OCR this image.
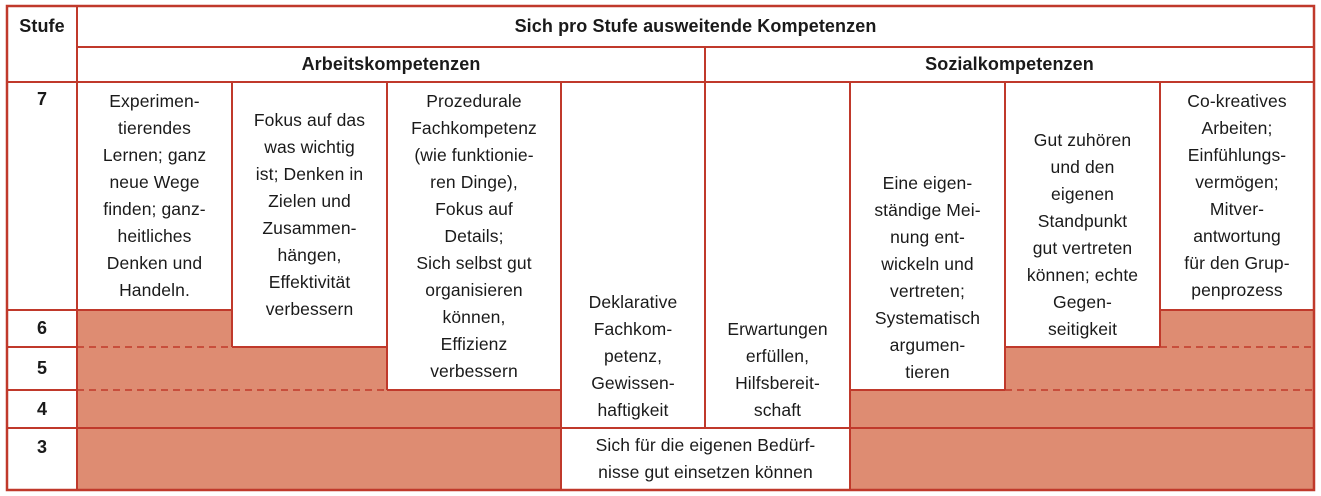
Stufe	Sich pro Stufe ausweitende Kompetenzen
Arbeitskompetenzen	Sozialkompetenzen
7
6
5
4
3
Experimen-
tierendes
Lernen; ganz
neue Wege
finden; ganz-
heitliches
Denken und
Handeln.
Fokus auf das
was wichtig
ist; Denken in
Zielen und
Zusammen-
hängen,
Effektivität
verbessern
Prozedurale
Fachkompetenz
(wie funktionie-
ren Dinge),
Fokus auf
Details;
Sich selbst gut
organisieren
können,
Effizienz
verbessern
Deklarative
Fachkom-
petenz,
Gewissen-
haftigkeit
Erwartungen
erfüllen,
Hilfsbereit-
schaft
Eine eigen-
ständige Mei-
nung ent-
wickeln und
vertreten;
Systematisch
argumen-
tieren
Gut zuhören
und den
eigenen
Standpunkt
gut vertreten
können; echte
Gegen-
seitigkeit
Co-kreatives
Arbeiten;
Einfühlungs-
vermögen;
Mitver-
antwortung
für den Grup-
penprozess
Sich für die eigenen Bedürf-
nisse gut einsetzen können
